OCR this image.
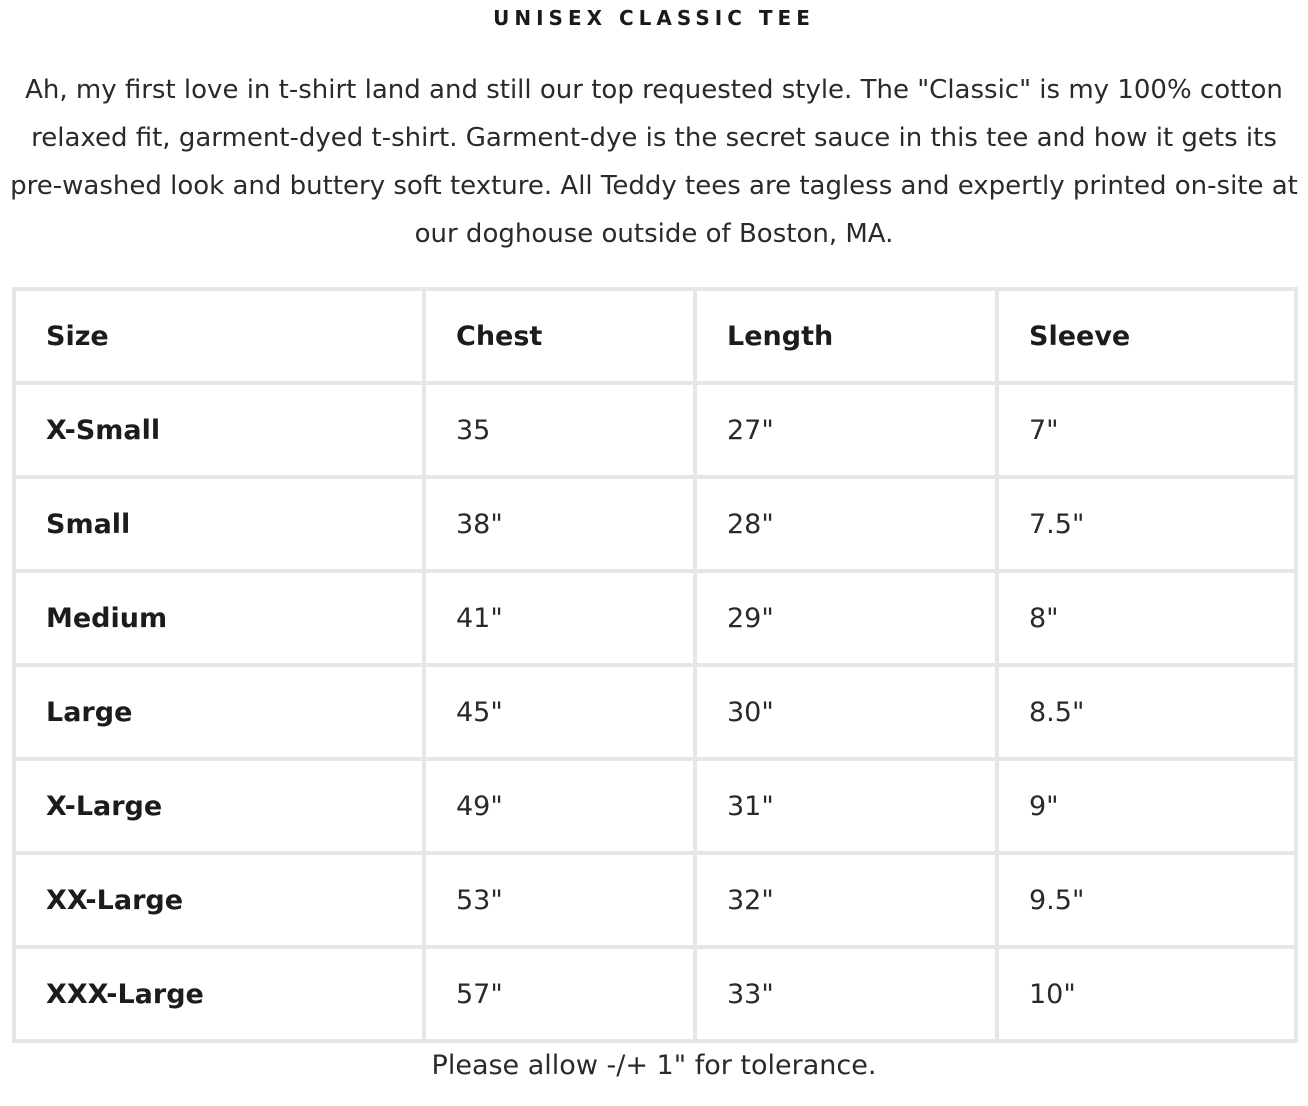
UNISEX CLASSIC TEE

Ah, my first love in t-shirt land and still our top requested style. The "Classic" is my 100% cotton relaxed fit, garment-dyed t-shirt. Garment-dye is the secret sauce in this tee and how it gets its pre-washed look and buttery soft texture. All Teddy tees are tagless and expertly printed on-site at our doghouse outside of Boston, MA.

Size	Chest	Length	Sleeve
X-Small	35	27"	7"
Small	38"	28"	7.5"
Medium	41"	29"	8"
Large	45"	30"	8.5"
X-Large	49"	31"	9"
XX-Large	53"	32"	9.5"
XXX-Large	57"	33"	10"
Please allow -/+ 1" for tolerance.
